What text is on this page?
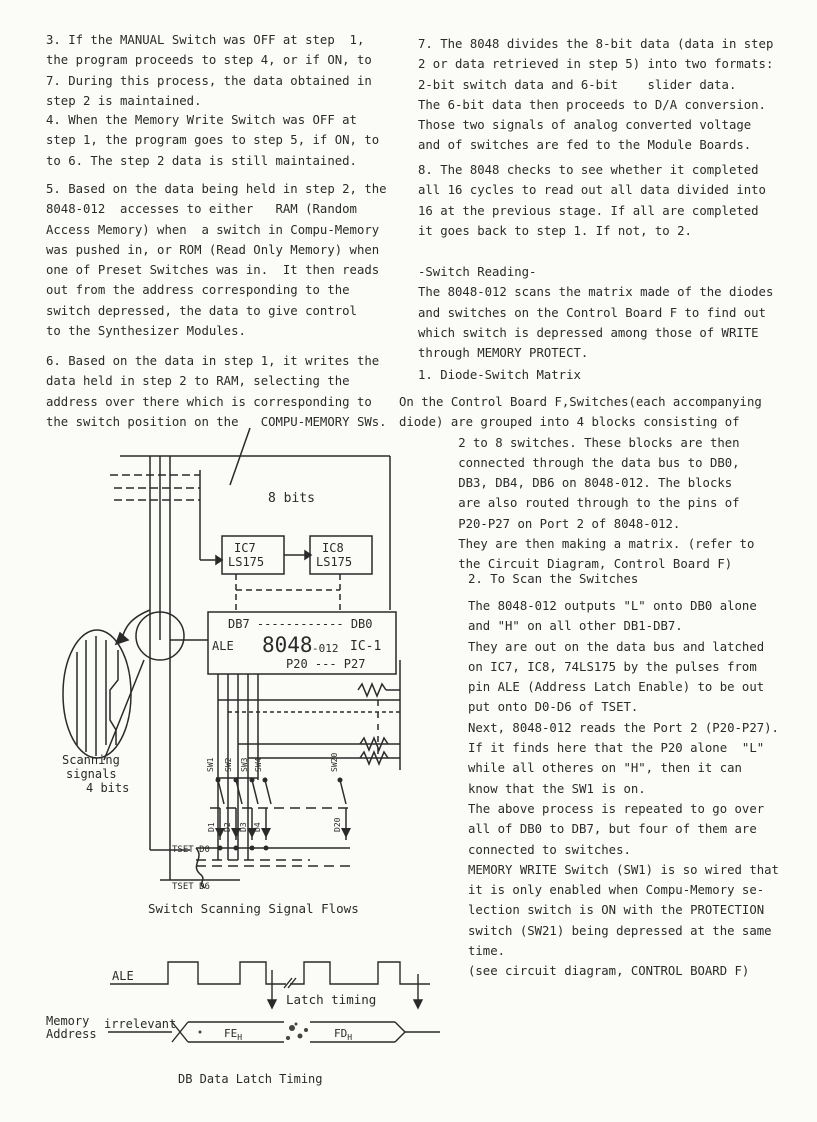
3. If the MANUAL Switch was OFF at step  1,
the program proceeds to step 4, or if ON, to
7. During this process, the data obtained in
step 2 is maintained.
4. When the Memory Write Switch was OFF at
step 1, the program goes to step 5, if ON, to
to 6. The step 2 data is still maintained.
5. Based on the data being held in step 2, the
8048-012  accesses to either   RAM (Random
Access Memory) when  a switch in Compu-Memory
was pushed in, or ROM (Read Only Memory) when
one of Preset Switches was in.  It then reads
out from the address corresponding to the
switch depressed, the data to give control
to the Synthesizer Modules.
6. Based on the data in step 1, it writes the
data held in step 2 to RAM, selecting the
address over there which is corresponding to
the switch position on the   COMPU-MEMORY SWs.
7. The 8048 divides the 8-bit data (data in step
2 or data retrieved in step 5) into two formats:
2-bit switch data and 6-bit    slider data.
The 6-bit data then proceeds to D/A conversion.
Those two signals of analog converted voltage
and of switches are fed to the Module Boards.
8. The 8048 checks to see whether it completed
all 16 cycles to read out all data divided into
16 at the previous stage. If all are completed
it goes back to step 1. If not, to 2.
-Switch Reading-
The 8048-012 scans the matrix made of the diodes
and switches on the Control Board F to find out
which switch is depressed among those of WRITE
through MEMORY PROTECT.
1. Diode-Switch Matrix
On the Control Board F,Switches(each accompanying
diode) are grouped into 4 blocks consisting of
2 to 8 switches. These blocks are then
connected through the data bus to DB0,
DB3, DB4, DB6 on 8048-012. The blocks
are also routed through to the pins of
P20-P27 on Port 2 of 8048-012.
They are then making a matrix. (refer to
the Circuit Diagram, Control Board F)
2. To Scan the Switches
The 8048-012 outputs "L" onto DB0 alone
and "H" on all other DB1-DB7.
They are out on the data bus and latched
on IC7, IC8, 74LS175 by the pulses from
pin ALE (Address Latch Enable) to be out
put onto D0-D6 of TSET.
Next, 8048-012 reads the Port 2 (P20-P27).
If it finds here that the P20 alone  "L"
while all otheres on "H", then it can
know that the SW1 is on.
The above process is repeated to go over
all of DB0 to DB7, but four of them are
connected to switches.
MEMORY WRITE Switch (SW1) is so wired that
it is only enabled when Compu-Memory se-
lection switch is ON with the PROTECTION
switch (SW21) being depressed at the same
time.
(see circuit diagram, CONTROL BOARD F)
8 bits
IC7
LS175
IC8
LS175
DB7 ------------ DB0
ALE 8048 -012 IC-1
P20 --- P27
Scanning
signals
4 bits
SW1 SW2 SW3 SW4	SW20
D1 D2 D3 D4	D20
TSET D0
TSET D6
Switch Scanning Signal Flows
ALE
Latch timing
Memory
Address
irrelevant
$FE_H$	$FD_H$
DB Data Latch Timing
